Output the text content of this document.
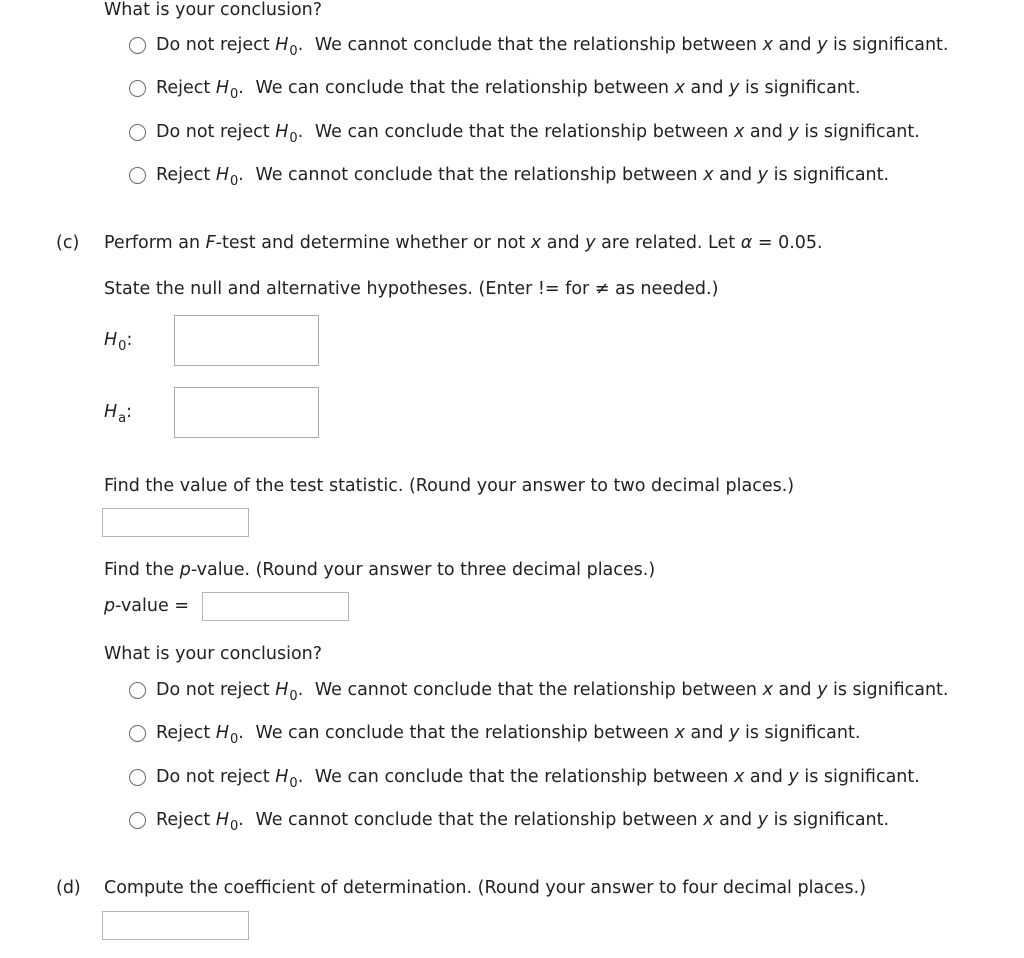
What is your conclusion?
Do not reject
$H_0$ .
We cannot conclude that the relationship between
x
and
y
is significant.
Reject
$H_0$ .
We can conclude that the relationship between
x
and
y
is significant.
Do not reject
$H_0$ .
We can conclude that the relationship between
x
and
y
is significant.
Reject
$H_0$ .
We cannot conclude that the relationship between
x
and
y
is significant.
(c) Perform an F-test and determine whether or not x and y are related. Let α = 0.05.
State the null and alternative hypotheses. (Enter != for ≠ as needed.)
$H_0$:
$H_a$:
Find the value of the test statistic. (Round your answer to two decimal places.)
Find the p-value. (Round your answer to three decimal places.)
p-value =
What is your conclusion?
Do not reject
$H_0$ .
We cannot conclude that the relationship between
x
and
y
is significant.
Reject
$H_0$ .
We can conclude that the relationship between
x
and
y
is significant.
Do not reject
$H_0$ .
We can conclude that the relationship between
x
and
y
is significant.
Reject
$H_0$ .
We cannot conclude that the relationship between
x
and
y
is significant.
(d) Compute the coefficient of determination. (Round your answer to four decimal places.)
